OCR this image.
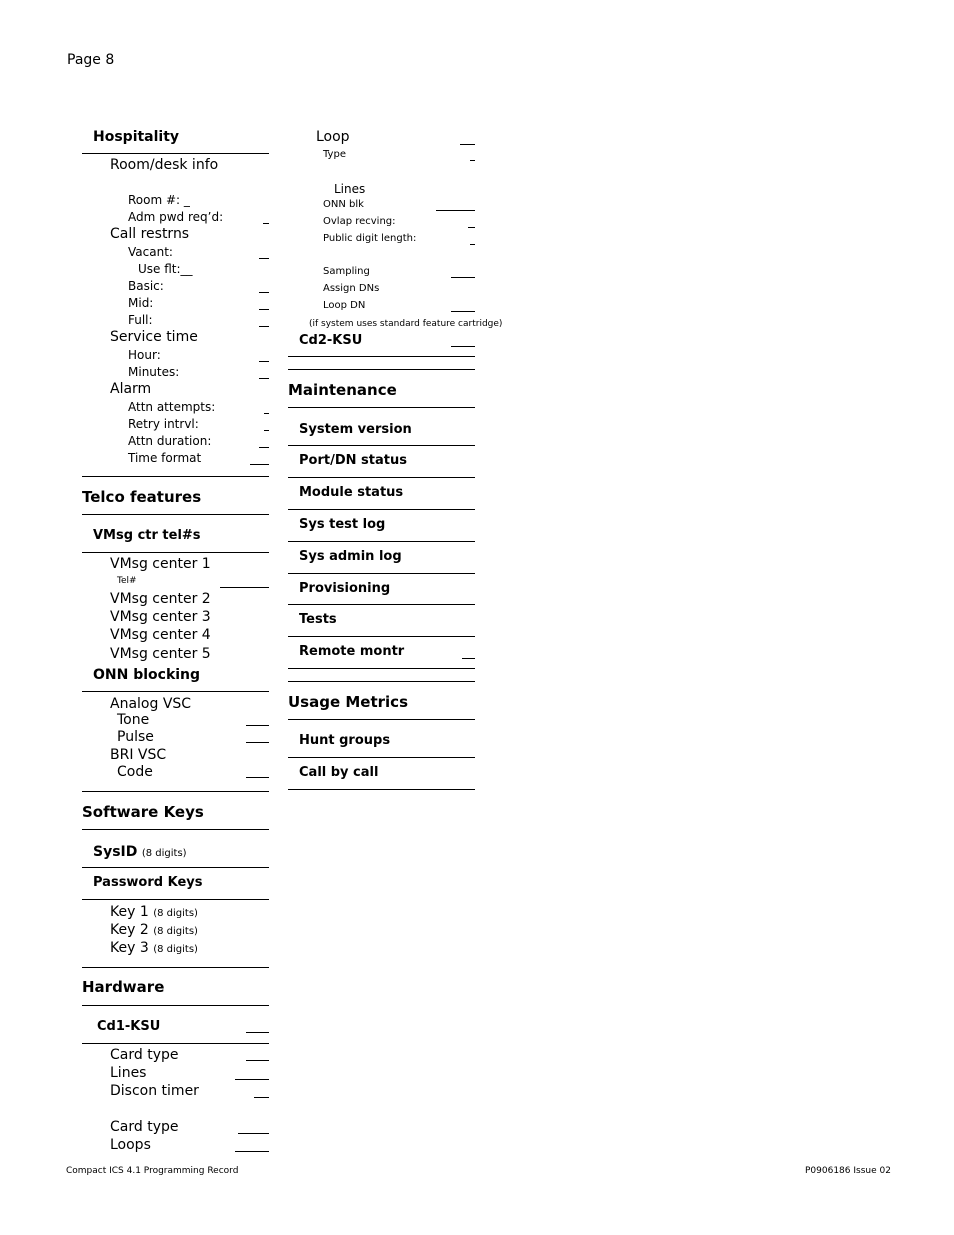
Page 8
Compact ICS 4.1 Programming Record	P0906186 Issue 02
Hospitality
Room/desk info
Room #: _
Adm pwd req’d:
Call restrns
Vacant:
Use flt:__
Basic:
Mid:
Full:
Service time
Hour:
Minutes:
Alarm
Attn attempts:
Retry intrvl:
Attn duration:
Time format
Telco features
VMsg ctr tel#s
VMsg center 1
Tel#
VMsg center 2
VMsg center 3
VMsg center 4
VMsg center 5
ONN blocking
Analog VSC
Tone
Pulse
BRI VSC
Code
Software Keys
SysID (8 digits)
Password Keys
Key 1 (8 digits)
Key 2 (8 digits)
Key 3 (8 digits)
Hardware
Cd1-KSU
Card type
Lines
Discon timer
Card type
Loops
Loop
Type
Lines
ONN blk
Ovlap recving:
Public digit length:
Sampling
Assign DNs
Loop DN
(if system uses standard feature cartridge)
Cd2-KSU
Maintenance
System version
Port/DN status
Module status
Sys test log
Sys admin log
Provisioning
Tests
Remote montr
Usage Metrics
Hunt groups
Call by call
